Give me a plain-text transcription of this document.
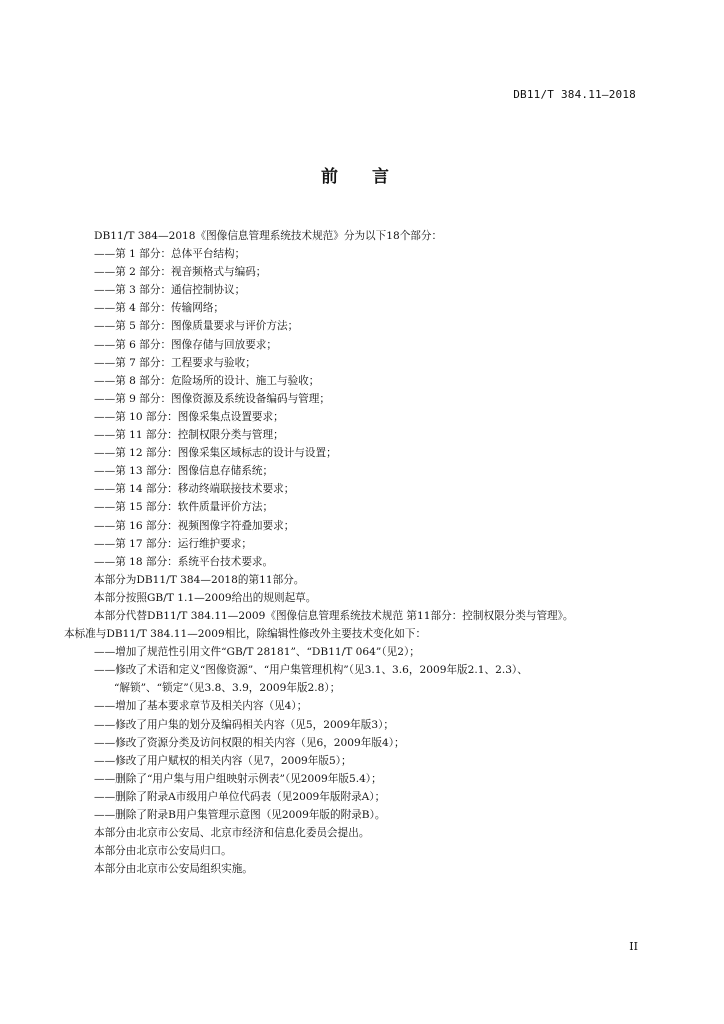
DB11/T 384.11—2018
前 言
DB11/T 384—2018《图像信息管理系统技术规范》分为以下18个部分：
——第 1 部分：总体平台结构；
——第 2 部分：视音频格式与编码；
——第 3 部分：通信控制协议；
——第 4 部分：传输网络；
——第 5 部分：图像质量要求与评价方法；
——第 6 部分：图像存储与回放要求；
——第 7 部分：工程要求与验收；
——第 8 部分：危险场所的设计、施工与验收；
——第 9 部分：图像资源及系统设备编码与管理；
——第 10 部分：图像采集点设置要求；
——第 11 部分：控制权限分类与管理；
——第 12 部分：图像采集区域标志的设计与设置；
——第 13 部分：图像信息存储系统；
——第 14 部分：移动终端联接技术要求；
——第 15 部分：软件质量评价方法；
——第 16 部分：视频图像字符叠加要求；
——第 17 部分：运行维护要求；
——第 18 部分：系统平台技术要求。
本部分为DB11/T 384—2018的第11部分。
本部分按照GB/T 1.1—2009给出的规则起草。
本部分代替DB11/T 384.11—2009《图像信息管理系统技术规范 第11部分：控制权限分类与管理》。
本标准与DB11/T 384.11—2009相比，除编辑性修改外主要技术变化如下：
——增加了规范性引用文件“GB/T 28181”、“DB11/T 064”（见2）；
——修改了术语和定义“图像资源”、“用户集管理机构”（见3.1、3.6，2009年版2.1、2.3）、
“解锁”、“锁定”（见3.8、3.9，2009年版2.8）；
——增加了基本要求章节及相关内容（见4）；
——修改了用户集的划分及编码相关内容（见5，2009年版3）；
——修改了资源分类及访问权限的相关内容（见6，2009年版4）；
——修改了用户赋权的相关内容（见7，2009年版5）；
——删除了“用户集与用户组映射示例表”（见2009年版5.4）；
——删除了附录A市级用户单位代码表（见2009年版附录A）；
——删除了附录B用户集管理示意图（见2009年版的附录B）。
本部分由北京市公安局、北京市经济和信息化委员会提出。
本部分由北京市公安局归口。
本部分由北京市公安局组织实施。
II
